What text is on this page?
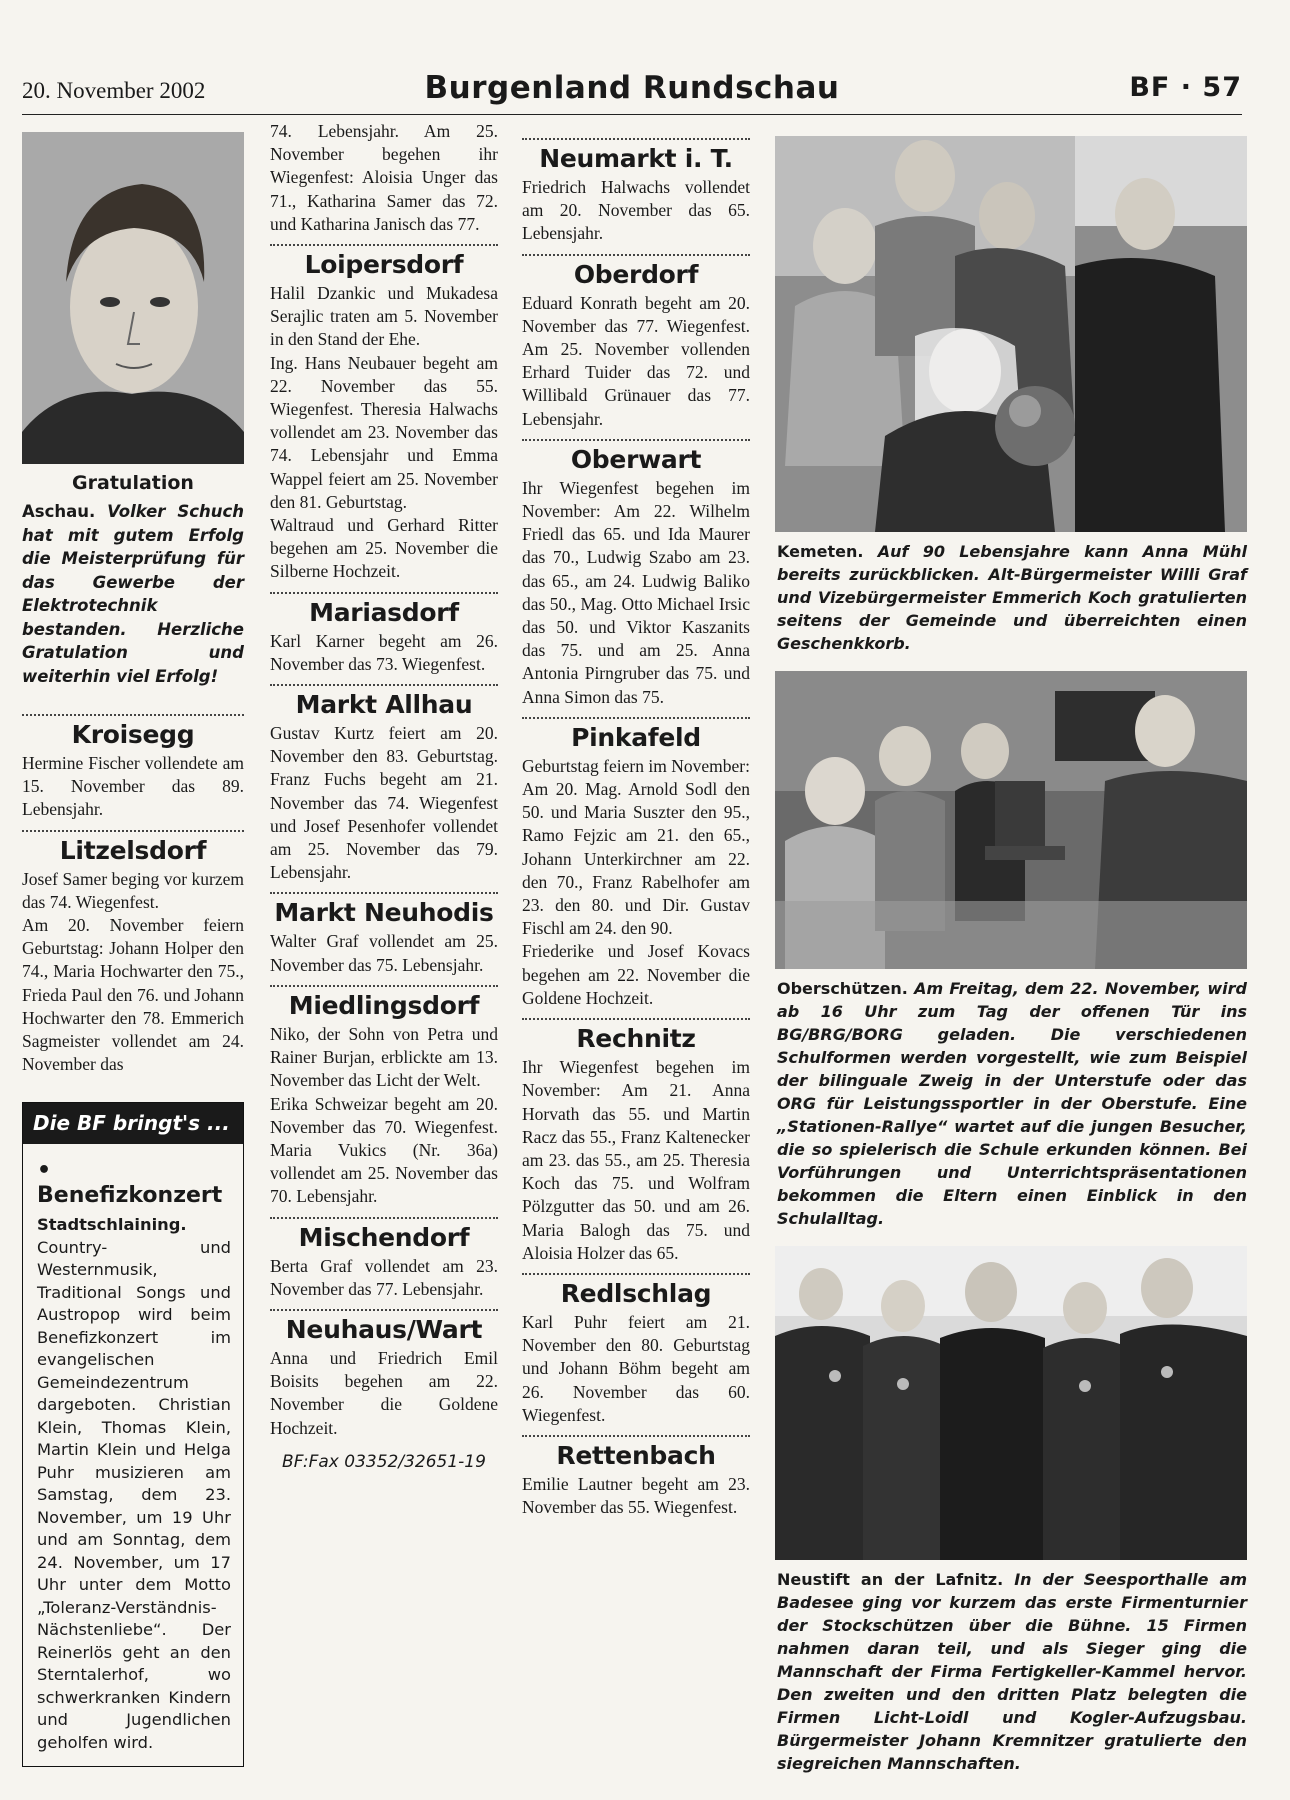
20. November 2002	Burgenland Rundschau	BF · 57
Gratulation
Aschau. Volker Schuch hat mit gutem Erfolg die Meisterprüfung für das Gewerbe der Elektrotechnik bestanden. Herzliche Gratulation und weiterhin viel Erfolg!
Kroisegg

Hermine Fischer vollendete am 15. November das 89. Lebensjahr.

Litzelsdorf

Josef Samer beging vor kurzem das 74. Wiegenfest.

Am 20. November feiern Geburtstag: Johann Holper den 74., Maria Hochwarter den 75., Frieda Paul den 76. und Johann Hochwarter den 78. Emmerich Sagmeister vollendet am 24. November das

Die BF bringt's ...
• Benefizkonzert
Stadtschlaining. Country- und Westernmusik, Traditional Songs und Austropop wird beim Benefizkonzert im evangelischen Gemeindezentrum dargeboten. Christian Klein, Thomas Klein, Martin Klein und Helga Puhr musizieren am Samstag, dem 23. November, um 19 Uhr und am Sonntag, dem 24. November, um 17 Uhr unter dem Motto „Toleranz-Verständnis-Nächstenliebe“. Der Reinerlös geht an den Sterntalerhof, wo schwerkranken Kindern und Jugendlichen geholfen wird.

74. Lebensjahr. Am 25. November begehen ihr Wiegenfest: Aloisia Unger das 71., Katharina Samer das 72. und Katharina Janisch das 77.

Loipersdorf

Halil Dzankic und Mukadesa Serajlic traten am 5. November in den Stand der Ehe.

Ing. Hans Neubauer begeht am 22. November das 55. Wiegenfest. Theresia Halwachs vollendet am 23. November das 74. Lebensjahr und Emma Wappel feiert am 25. November den 81. Geburtstag.

Waltraud und Gerhard Ritter begehen am 25. November die Silberne Hochzeit.

Mariasdorf

Karl Karner begeht am 26. November das 73. Wiegenfest.

Markt Allhau

Gustav Kurtz feiert am 20. November den 83. Geburtstag. Franz Fuchs begeht am 21. November das 74. Wiegenfest und Josef Pesenhofer vollendet am 25. November das 79. Lebensjahr.

Markt Neuhodis

Walter Graf vollendet am 25. November das 75. Lebensjahr.

Miedlingsdorf

Niko, der Sohn von Petra und Rainer Burjan, erblickte am 13. November das Licht der Welt.

Erika Schweizar begeht am 20. November das 70. Wiegenfest. Maria Vukics (Nr. 36a) vollendet am 25. November das 70. Lebensjahr.

Mischendorf

Berta Graf vollendet am 23. November das 77. Lebensjahr.

Neuhaus/Wart

Anna und Friedrich Emil Boisits begehen am 22. November die Goldene Hochzeit.

BF:Fax 03352/32651-19
Neumarkt i. T.

Friedrich Halwachs vollendet am 20. November das 65. Lebensjahr.

Oberdorf

Eduard Konrath begeht am 20. November das 77. Wiegenfest. Am 25. November vollenden Erhard Tuider das 72. und Willibald Grünauer das 77. Lebensjahr.

Oberwart

Ihr Wiegenfest begehen im November: Am 22. Wilhelm Friedl das 65. und Ida Maurer das 70., Ludwig Szabo am 23. das 65., am 24. Ludwig Baliko das 50., Mag. Otto Michael Irsic das 50. und Viktor Kaszanits das 75. und am 25. Anna Antonia Pirngruber das 75. und Anna Simon das 75.

Pinkafeld

Geburtstag feiern im November: Am 20. Mag. Arnold Sodl den 50. und Maria Suszter den 95., Ramo Fejzic am 21. den 65., Johann Unterkirchner am 22. den 70., Franz Rabelhofer am 23. den 80. und Dir. Gustav Fischl am 24. den 90.

Friederike und Josef Kovacs begehen am 22. November die Goldene Hochzeit.

Rechnitz

Ihr Wiegenfest begehen im November: Am 21. Anna Horvath das 55. und Martin Racz das 55., Franz Kaltenecker am 23. das 55., am 25. Theresia Koch das 75. und Wolfram Pölzgutter das 50. und am 26. Maria Balogh das 75. und Aloisia Holzer das 65.

Redlschlag

Karl Puhr feiert am 21. November den 80. Geburtstag und Johann Böhm begeht am 26. November das 60. Wiegenfest.

Rettenbach

Emilie Lautner begeht am 23. November das 55. Wiegenfest.

Kemeten. Auf 90 Lebensjahre kann Anna Mühl bereits zurückblicken. Alt-Bürgermeister Willi Graf und Vizebürgermeister Emmerich Koch gratulierten seitens der Gemeinde und überreichten einen Geschenkkorb.
Oberschützen. Am Freitag, dem 22. November, wird ab 16 Uhr zum Tag der offenen Tür ins BG/BRG/BORG geladen. Die verschiedenen Schulformen werden vorgestellt, wie zum Beispiel der bilinguale Zweig in der Unterstufe oder das ORG für Leistungssportler in der Oberstufe. Eine „Stationen-Rallye“ wartet auf die jungen Besucher, die so spielerisch die Schule erkunden können. Bei Vorführungen und Unterrichtspräsentationen bekommen die Eltern einen Einblick in den Schulalltag.
Neustift an der Lafnitz. In der Seesporthalle am Badesee ging vor kurzem das erste Firmenturnier der Stockschützen über die Bühne. 15 Firmen nahmen daran teil, und als Sieger ging die Mannschaft der Firma Fertigkeller-Kammel hervor. Den zweiten und den dritten Platz belegten die Firmen Licht-Loidl und Kogler-Aufzugsbau. Bürgermeister Johann Kremnitzer gratulierte den siegreichen Mannschaften.
